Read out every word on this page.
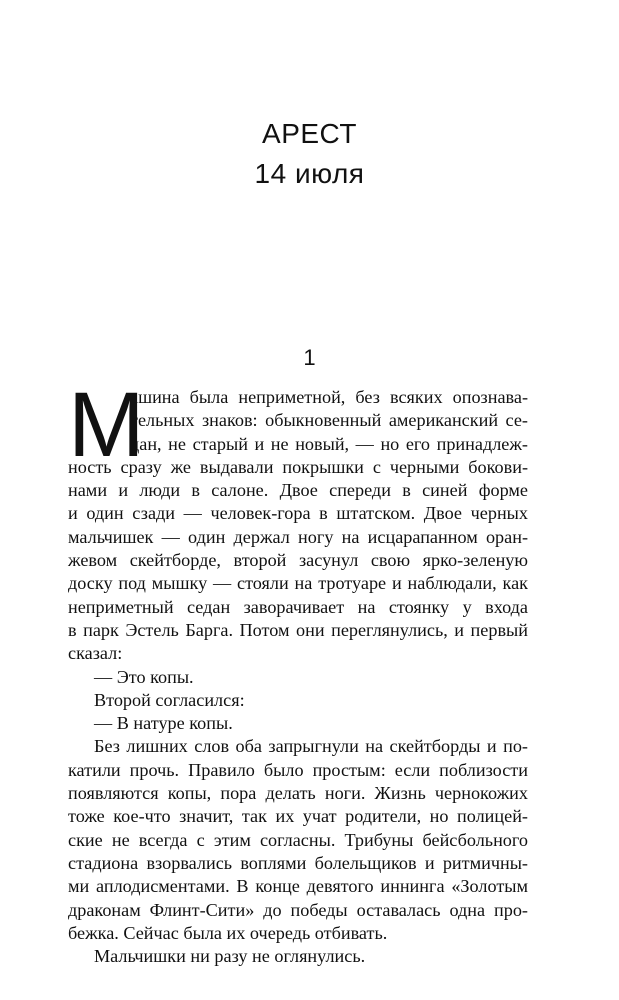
АРЕСТ
14 июля
1
М
ашина была неприметной, без всяких опознава-
тельных знаков: обыкновенный американский се-
дан, не старый и не новый, — но его принадлеж-
ность сразу же выдавали покрышки с черными бокови-
нами и люди в салоне. Двое спереди в синей форме
и один сзади — человек-гора в штатском. Двое черных
мальчишек — один держал ногу на исцарапанном оран-
жевом скейтборде, второй засунул свою ярко-зеленую
доску под мышку — стояли на тротуаре и наблюдали, как
неприметный седан заворачивает на стоянку у входа
в парк Эстель Барга. Потом они переглянулись, и первый
сказал:
— Это копы.
Второй согласился:
— В натуре копы.
Без лишних слов оба запрыгнули на скейтборды и по-
катили прочь. Правило было простым: если поблизости
появляются копы, пора делать ноги. Жизнь чернокожих
тоже кое-что значит, так их учат родители, но полицей-
ские не всегда с этим согласны. Трибуны бейсбольного
стадиона взорвались воплями болельщиков и ритмичны-
ми аплодисментами. В конце девятого иннинга «Золотым
драконам Флинт-Сити» до победы оставалась одна про-
бежка. Сейчас была их очередь отбивать.
Мальчишки ни разу не оглянулись.
